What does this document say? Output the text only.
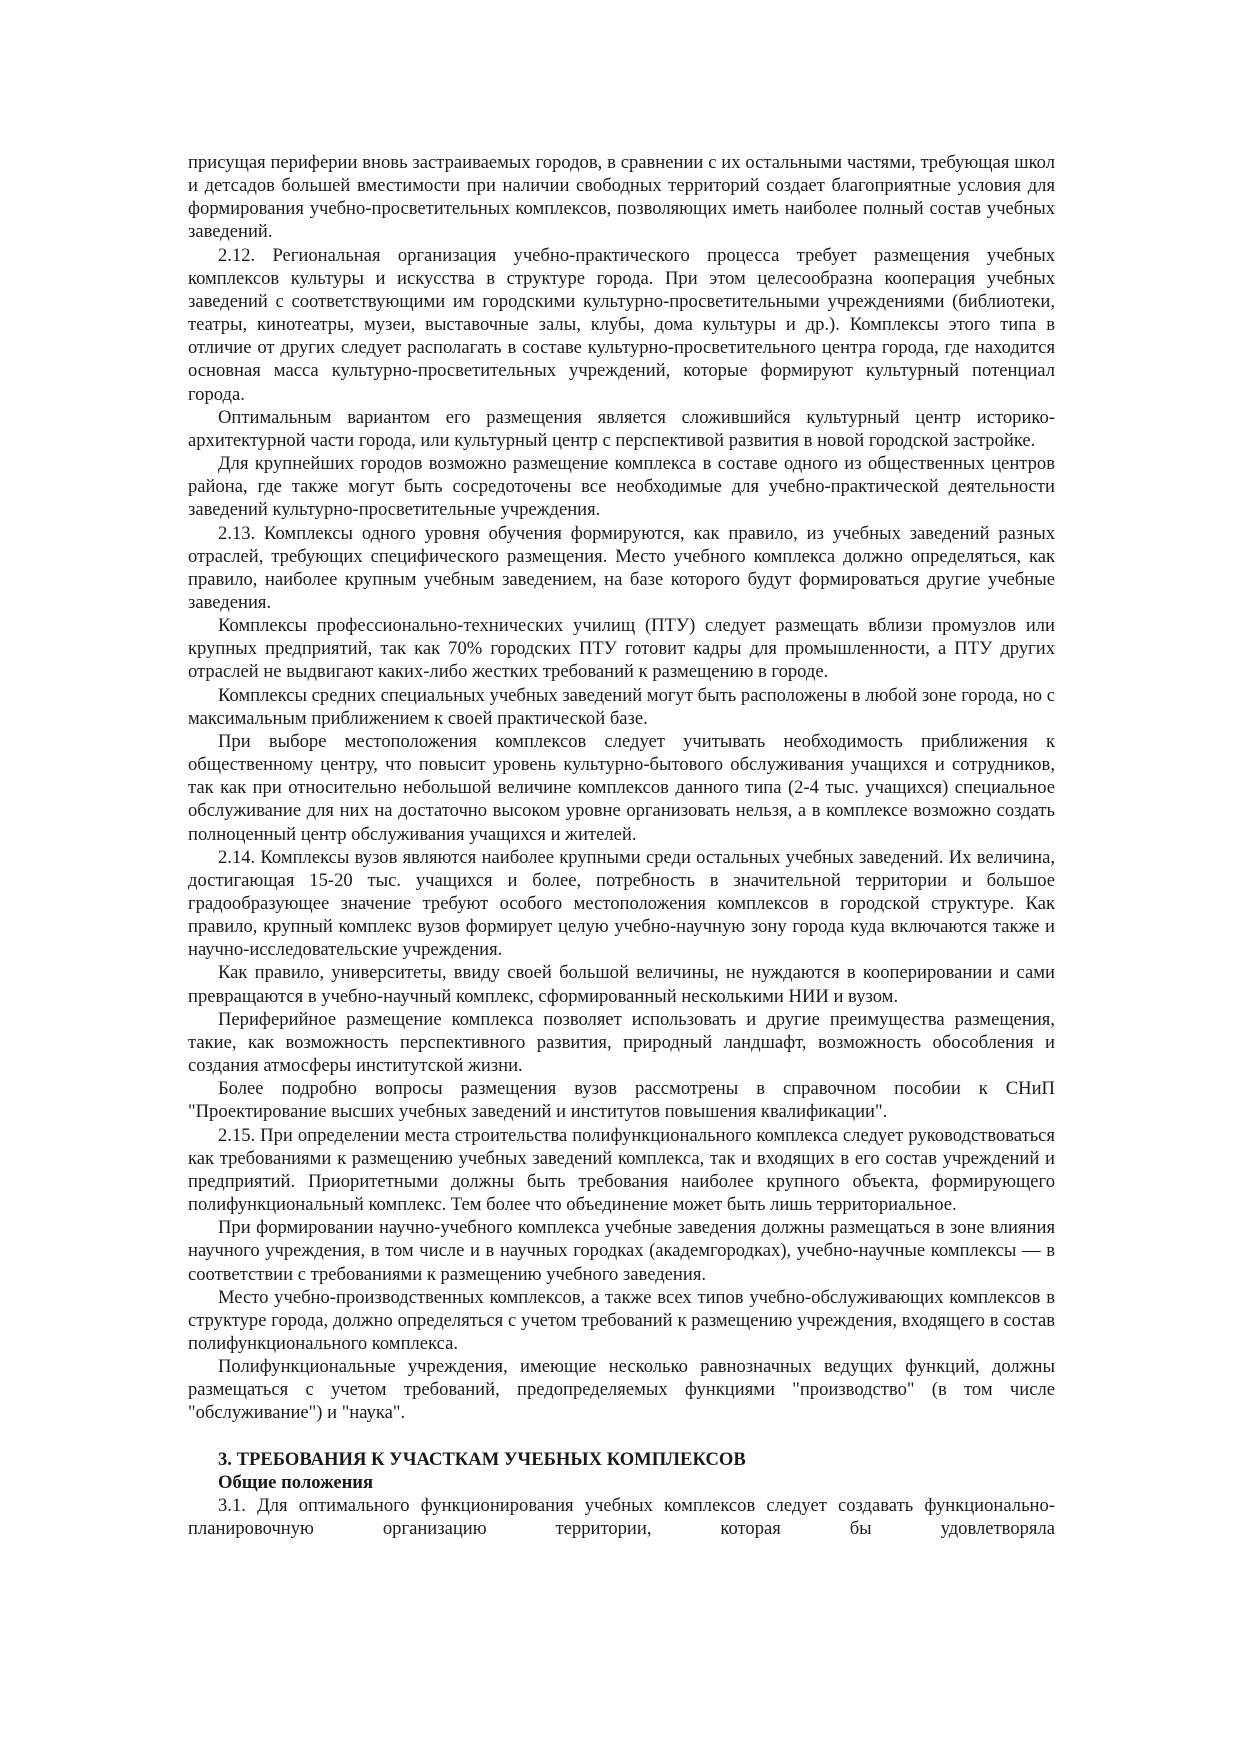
присущая периферии вновь застраиваемых городов, в сравнении с их остальными частями, требующая школ и детсадов большей вместимости при наличии свободных территорий создает благоприятные условия для формирования учебно-просветительных комплексов, позволяющих иметь наиболее полный состав учебных заведений.

2.12. Региональная организация учебно-практического процесса требует размещения учебных комплексов культуры и искусства в структуре города. При этом целесообразна кооперация учебных заведений с соответствующими им городскими культурно-просветительными учреждениями (библиотеки, театры, кинотеатры, музеи, выставочные залы, клубы, дома культуры и др.). Комплексы этого типа в отличие от других следует располагать в составе культурно-просветительного центра города, где находится основная масса культурно-просветительных учреждений, которые формируют культурный потенциал города.

Оптимальным вариантом его размещения является сложившийся культурный центр историко-архитектурной части города, или культурный центр с перспективой развития в новой городской застройке.

Для крупнейших городов возможно размещение комплекса в составе одного из общественных центров района, где также могут быть сосредоточены все необходимые для учебно-практической деятельности заведений культурно-просветительные учреждения.

2.13. Комплексы одного уровня обучения формируются, как правило, из учебных заведений разных отраслей, требующих специфического размещения. Место учебного комплекса должно определяться, как правило, наиболее крупным учебным заведением, на базе которого будут формироваться другие учебные заведения.

Комплексы профессионально-технических училищ (ПТУ) следует размещать вблизи промузлов или крупных предприятий, так как 70% городских ПТУ готовит кадры для промышленности, а ПТУ других отраслей не выдвигают каких-либо жестких требований к размещению в городе.

Комплексы средних специальных учебных заведений могут быть расположены в любой зоне города, но с максимальным приближением к своей практической базе.

При выборе местоположения комплексов следует учитывать необходимость приближения к общественному центру, что повысит уровень культурно-бытового обслуживания учащихся и сотрудников, так как при относительно небольшой величине комплексов данного типа (2-4 тыс. учащихся) специальное обслуживание для них на достаточно высоком уровне организовать нельзя, а в комплексе возможно создать полноценный центр обслуживания учащихся и жителей.

2.14. Комплексы вузов являются наиболее крупными среди остальных учебных заведений. Их величина, достигающая 15-20 тыс. учащихся и более, потребность в значительной территории и большое градообразующее значение требуют особого местоположения комплексов в городской структуре. Как правило, крупный комплекс вузов формирует целую учебно-научную зону города куда включаются также и научно-исследовательские учреждения.

Как правило, университеты, ввиду своей большой величины, не нуждаются в кооперировании и сами превращаются в учебно-научный комплекс, сформированный несколькими НИИ и вузом.

Периферийное размещение комплекса позволяет использовать и другие преимущества размещения, такие, как возможность перспективного развития, природный ландшафт, возможность обособления и создания атмосферы институтской жизни.

Более подробно вопросы размещения вузов рассмотрены в справочном пособии к СНиП "Проектирование высших учебных заведений и институтов повышения квалификации".

2.15. При определении места строительства полифункционального комплекса следует руководствоваться как требованиями к размещению учебных заведений комплекса, так и входящих в его состав учреждений и предприятий. Приоритетными должны быть требования наиболее крупного объекта, формирующего полифункциональный комплекс. Тем более что объединение может быть лишь территориальное.

При формировании научно-учебного комплекса учебные заведения должны размещаться в зоне влияния научного учреждения, в том числе и в научных городках (академгородках), учебно-научные комплексы — в соответствии с требованиями к размещению учебного заведения.

Место учебно-производственных комплексов, а также всех типов учебно-обслуживающих комплексов в структуре города, должно определяться с учетом требований к размещению учреждения, входящего в состав полифункционального комплекса.

Полифункциональные учреждения, имеющие несколько равнозначных ведущих функций, должны размещаться с учетом требований, предопределяемых функциями "производство" (в том числе "обслуживание") и "наука".

3. ТРЕБОВАНИЯ К УЧАСТКАМ УЧЕБНЫХ КОМПЛЕКСОВ

Общие положения

3.1. Для оптимального функционирования учебных комплексов следует создавать функционально-планировочную организацию территории, которая бы удовлетворяла
